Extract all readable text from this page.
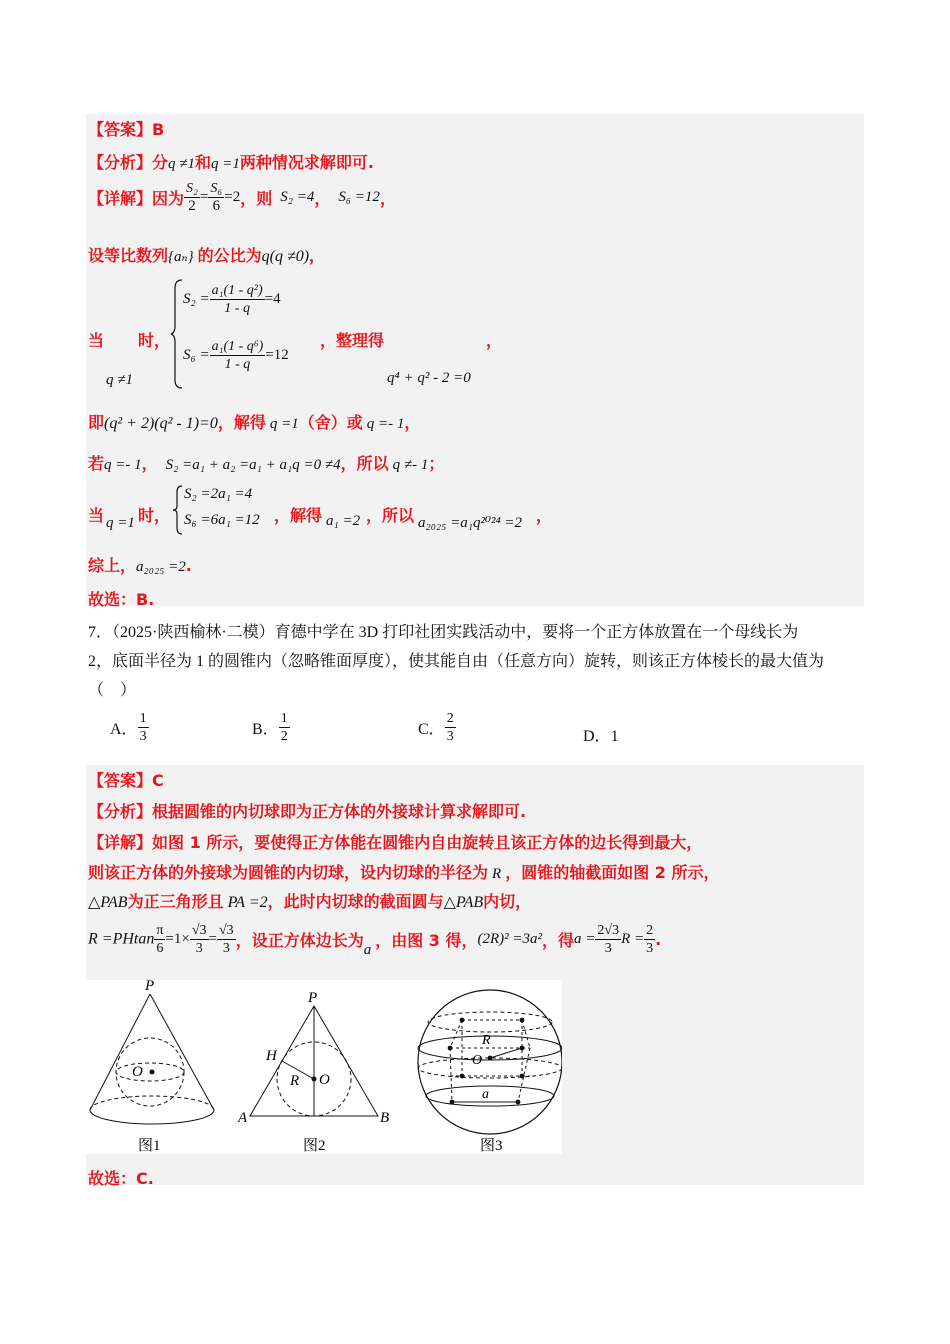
【答案】B
【分析】分q ≠1和q =1两种情况求解即可.
【详解】因为 $\frac{\text{S₂}}{2} = \frac{\text{S₆}}{6} =2$，则 S₂ =4， S₆ =12，
设等比数列{aₙ} 的公比为q(q ≠0)，
当 时，
q ≠1
$S_2 = \frac{\text{a₁(1 - q²)}}{1 - q} =4$
$S_6 = \frac{\text{a₁(1 - q⁶)}}{1 - q} =12$
，整理得
q⁴ + q² - 2 =0
，
即(q² + 2)(q² - 1)=0，解得 q =1（舍）或 q =- 1，
若q =- 1， S₂ =a₁ + a₂ =a₁ + a₁q =0 ≠4，所以 q ≠- 1；
当 q =1 时，
S₂ =2a₁ =4
S₆ =6a₁ =12 ，解得 a₁ =2 ，所以 a₂₀₂₅ =a₁q²⁰²⁴ =2 ，
综上，a₂₀₂₅ =2.
故选：B.
7．（2025·陕西榆林·二模）育德中学在 3D 打印社团实践活动中，要将一个正方体放置在一个母线长为
2，底面半径为 1 的圆锥内（忽略锥面厚度），使其能自由（任意方向）旋转，则该正方体棱长的最大值为
（　）
A． $\frac{1}{3}$	B． $\frac{1}{2}$	C． $\frac{2}{3}$	D．1
【答案】C
【分析】根据圆锥的内切球即为正方体的外接球计算求解即可.
【详解】如图 1 所示，要使得正方体能在圆锥内自由旋转且该正方体的边长得到最大，
则该正方体的外接球为圆锥的内切球，设内切球的半径为 R ，圆锥的轴截面如图 2 所示，
△PAB为正三角形且 PA =2，此时内切球的截面圆与△PAB内切，
$R =PHtan \frac{\pi}{6} =1\times \frac{√3}{3} = \frac{√3}{3}$ ，设正方体边长为a ，由图 3 得，(2R)² =3a²，得$a = \frac{2√3}{3}$ $R = \frac{2}{3}$ .
P
O
图1
P
H
R O
A	B
图2
R
O
a
图3
故选：C.
